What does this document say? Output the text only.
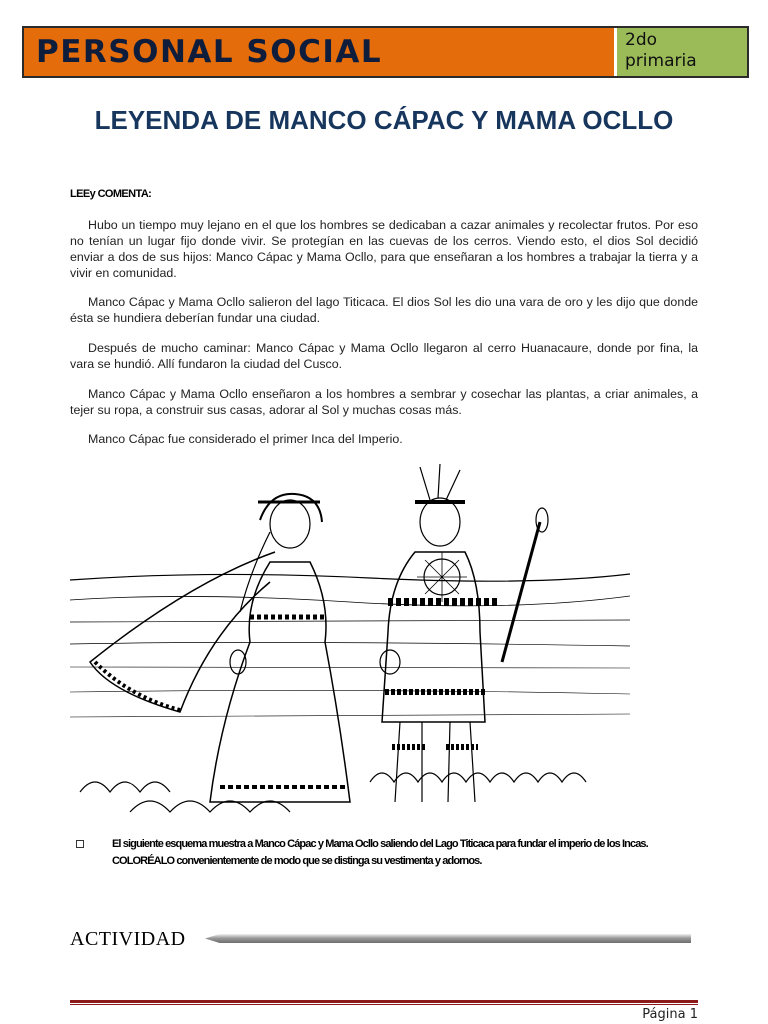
PERSONAL SOCIAL	2do
primaria
LEYENDA DE MANCO CÁPAC Y MAMA OCLLO
LEEy COMENTA:
Hubo un tiempo muy lejano en el que los hombres se dedicaban a cazar animales y recolectar frutos. Por eso no tenían un lugar fijo donde vivir. Se protegían en las cuevas de los cerros. Viendo esto, el dios Sol decidió enviar a dos de sus hijos: Manco Cápac y Mama Ocllo, para que enseñaran a los hombres a trabajar la tierra y a vivir en comunidad.
Manco Cápac y Mama Ocllo salieron del lago Titicaca. El dios Sol les dio una vara de oro y les dijo que donde ésta se hundiera deberían fundar una ciudad.
Después de mucho caminar: Manco Cápac y Mama Ocllo llegaron al cerro Huanacaure, donde por fina, la vara se hundió. Allí fundaron la ciudad del Cusco.
Manco Cápac y Mama Ocllo enseñaron a los hombres a sembrar y cosechar las plantas, a criar animales, a tejer su ropa, a construir sus casas, adorar al Sol y muchas cosas más.
Manco Cápac fue considerado el primer Inca del Imperio.
El siguiente esquema muestra a Manco Cápac y Mama Ocllo saliendo del Lago Titicaca para fundar el imperio de los Incas. COLORÉALO convenientemente de modo que se distinga su vestimenta y adornos.
ACTIVIDAD
Página 1
